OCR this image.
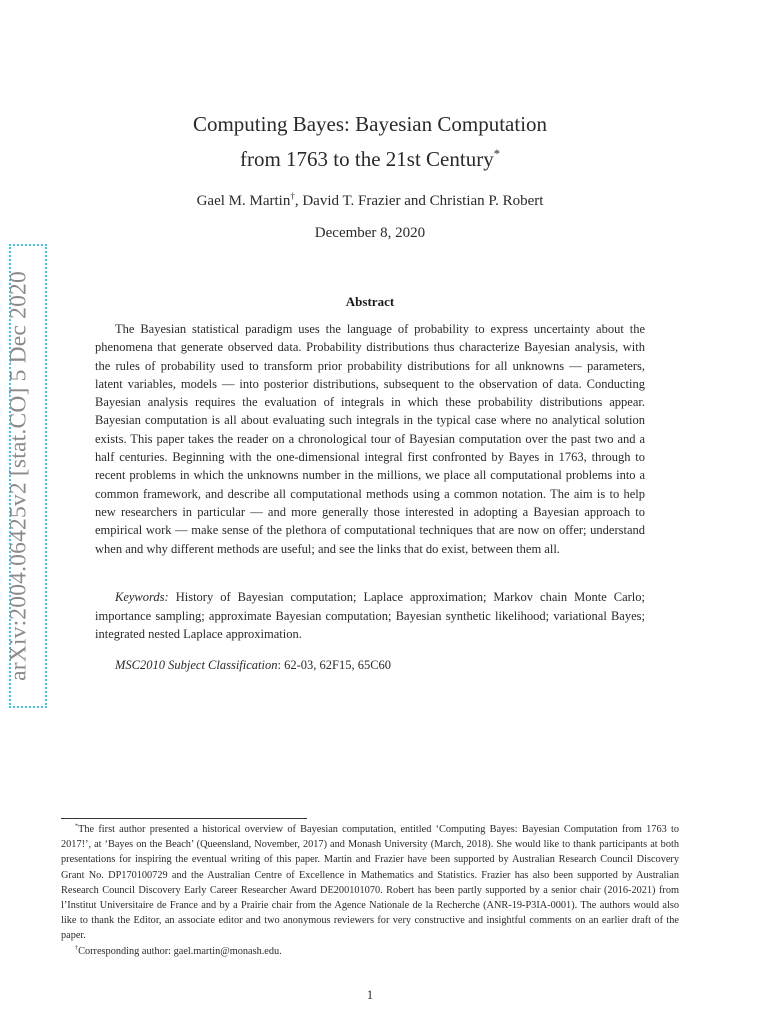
arXiv:2004.06425v2 [stat.CO] 5 Dec 2020
Computing Bayes: Bayesian Computation
from 1763 to the 21st Century*
Gael M. Martin†, David T. Frazier and Christian P. Robert
December 8, 2020
Abstract
The Bayesian statistical paradigm uses the language of probability to express uncertainty about the phenomena that generate observed data. Probability distributions thus characterize Bayesian analysis, with the rules of probability used to transform prior probability distributions for all unknowns — parameters, latent variables, models — into posterior distributions, subsequent to the observation of data. Conducting Bayesian analysis requires the evaluation of integrals in which these probability distributions appear. Bayesian computation is all about evaluating such integrals in the typical case where no analytical solution exists. This paper takes the reader on a chronological tour of Bayesian computation over the past two and a half centuries. Beginning with the one-dimensional integral first confronted by Bayes in 1763, through to recent problems in which the unknowns number in the millions, we place all computational problems into a common framework, and describe all computational methods using a common notation. The aim is to help new researchers in particular — and more generally those interested in adopting a Bayesian approach to empirical work — make sense of the plethora of computational techniques that are now on offer; understand when and why different methods are useful; and see the links that do exist, between them all.
Keywords: History of Bayesian computation; Laplace approximation; Markov chain Monte Carlo; importance sampling; approximate Bayesian computation; Bayesian synthetic likelihood; variational Bayes; integrated nested Laplace approximation.
MSC2010 Subject Classification: 62-03, 62F15, 65C60

*The first author presented a historical overview of Bayesian computation, entitled ‘Computing Bayes: Bayesian Computation from 1763 to 2017!’, at ‘Bayes on the Beach’ (Queensland, November, 2017) and Monash University (March, 2018). She would like to thank participants at both presentations for inspiring the eventual writing of this paper. Martin and Frazier have been supported by Australian Research Council Discovery Grant No. DP170100729 and the Australian Centre of Excellence in Mathematics and Statistics. Frazier has also been supported by Australian Research Council Discovery Early Career Researcher Award DE200101070. Robert has been partly supported by a senior chair (2016-2021) from l’Institut Universitaire de France and by a Prairie chair from the Agence Nationale de la Recherche (ANR-19-P3IA-0001). The authors would also like to thank the Editor, an associate editor and two anonymous reviewers for very constructive and insightful comments on an earlier draft of the paper.

†Corresponding author: gael.martin@monash.edu.

1
